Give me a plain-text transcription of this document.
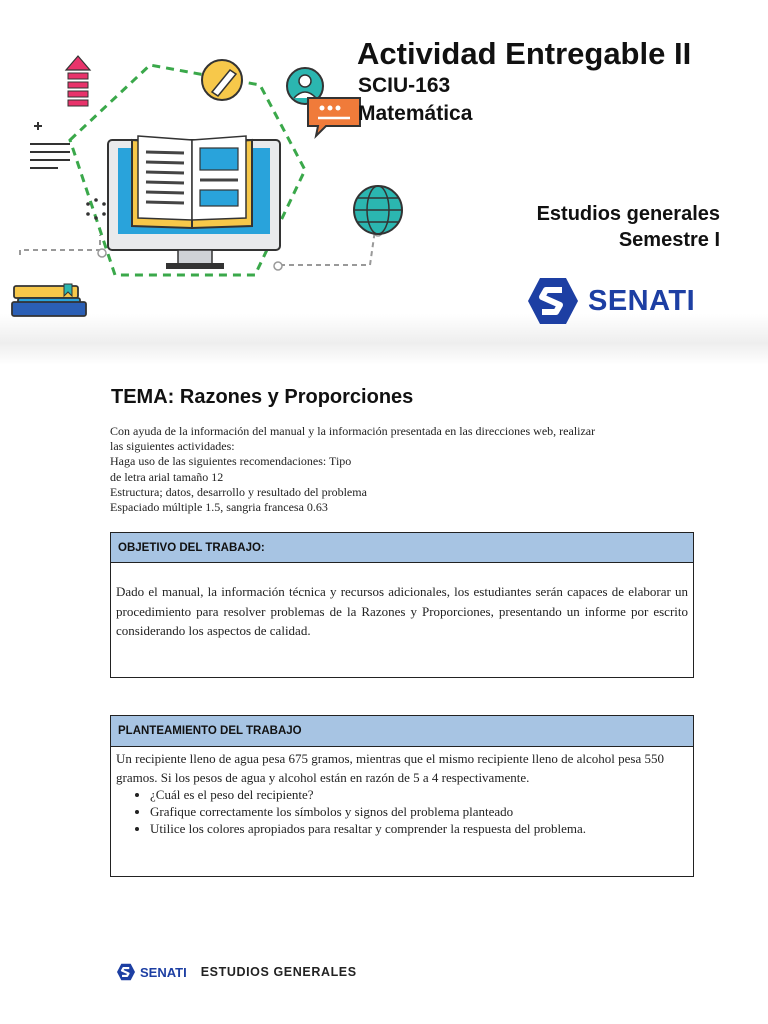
Actividad Entregable II
SCIU-163
Matemática
Estudios generales
Semestre I
SENATI
TEMA: Razones y Proporciones

Con ayuda de la información del manual y la información presentada en las direcciones web, realizar

las siguientes actividades:

Haga uso de las siguientes recomendaciones: Tipo

de letra arial tamaño 12

Estructura; datos, desarrollo y resultado del problema

Espaciado múltiple 1.5, sangria francesa 0.63

OBJETIVO DEL TRABAJO:
Dado el manual, la información técnica y recursos adicionales, los estudiantes serán capaces de elaborar un procedimiento para resolver problemas de la Razones y Proporciones, presentando un informe por escrito considerando los aspectos de calidad.
PLANTEAMIENTO DEL TRABAJO
Un recipiente lleno de agua pesa 675 gramos, mientras que el mismo recipiente lleno de alcohol pesa 550 gramos. Si los pesos de agua y alcohol están en razón de 5 a 4 respectivamente.
• ¿Cuál es el peso del recipiente?
• Grafique correctamente los símbolos y signos del problema planteado
• Utilice los colores apropiados para resaltar y comprender la respuesta del problema.
SENATI ESTUDIOS GENERALES
